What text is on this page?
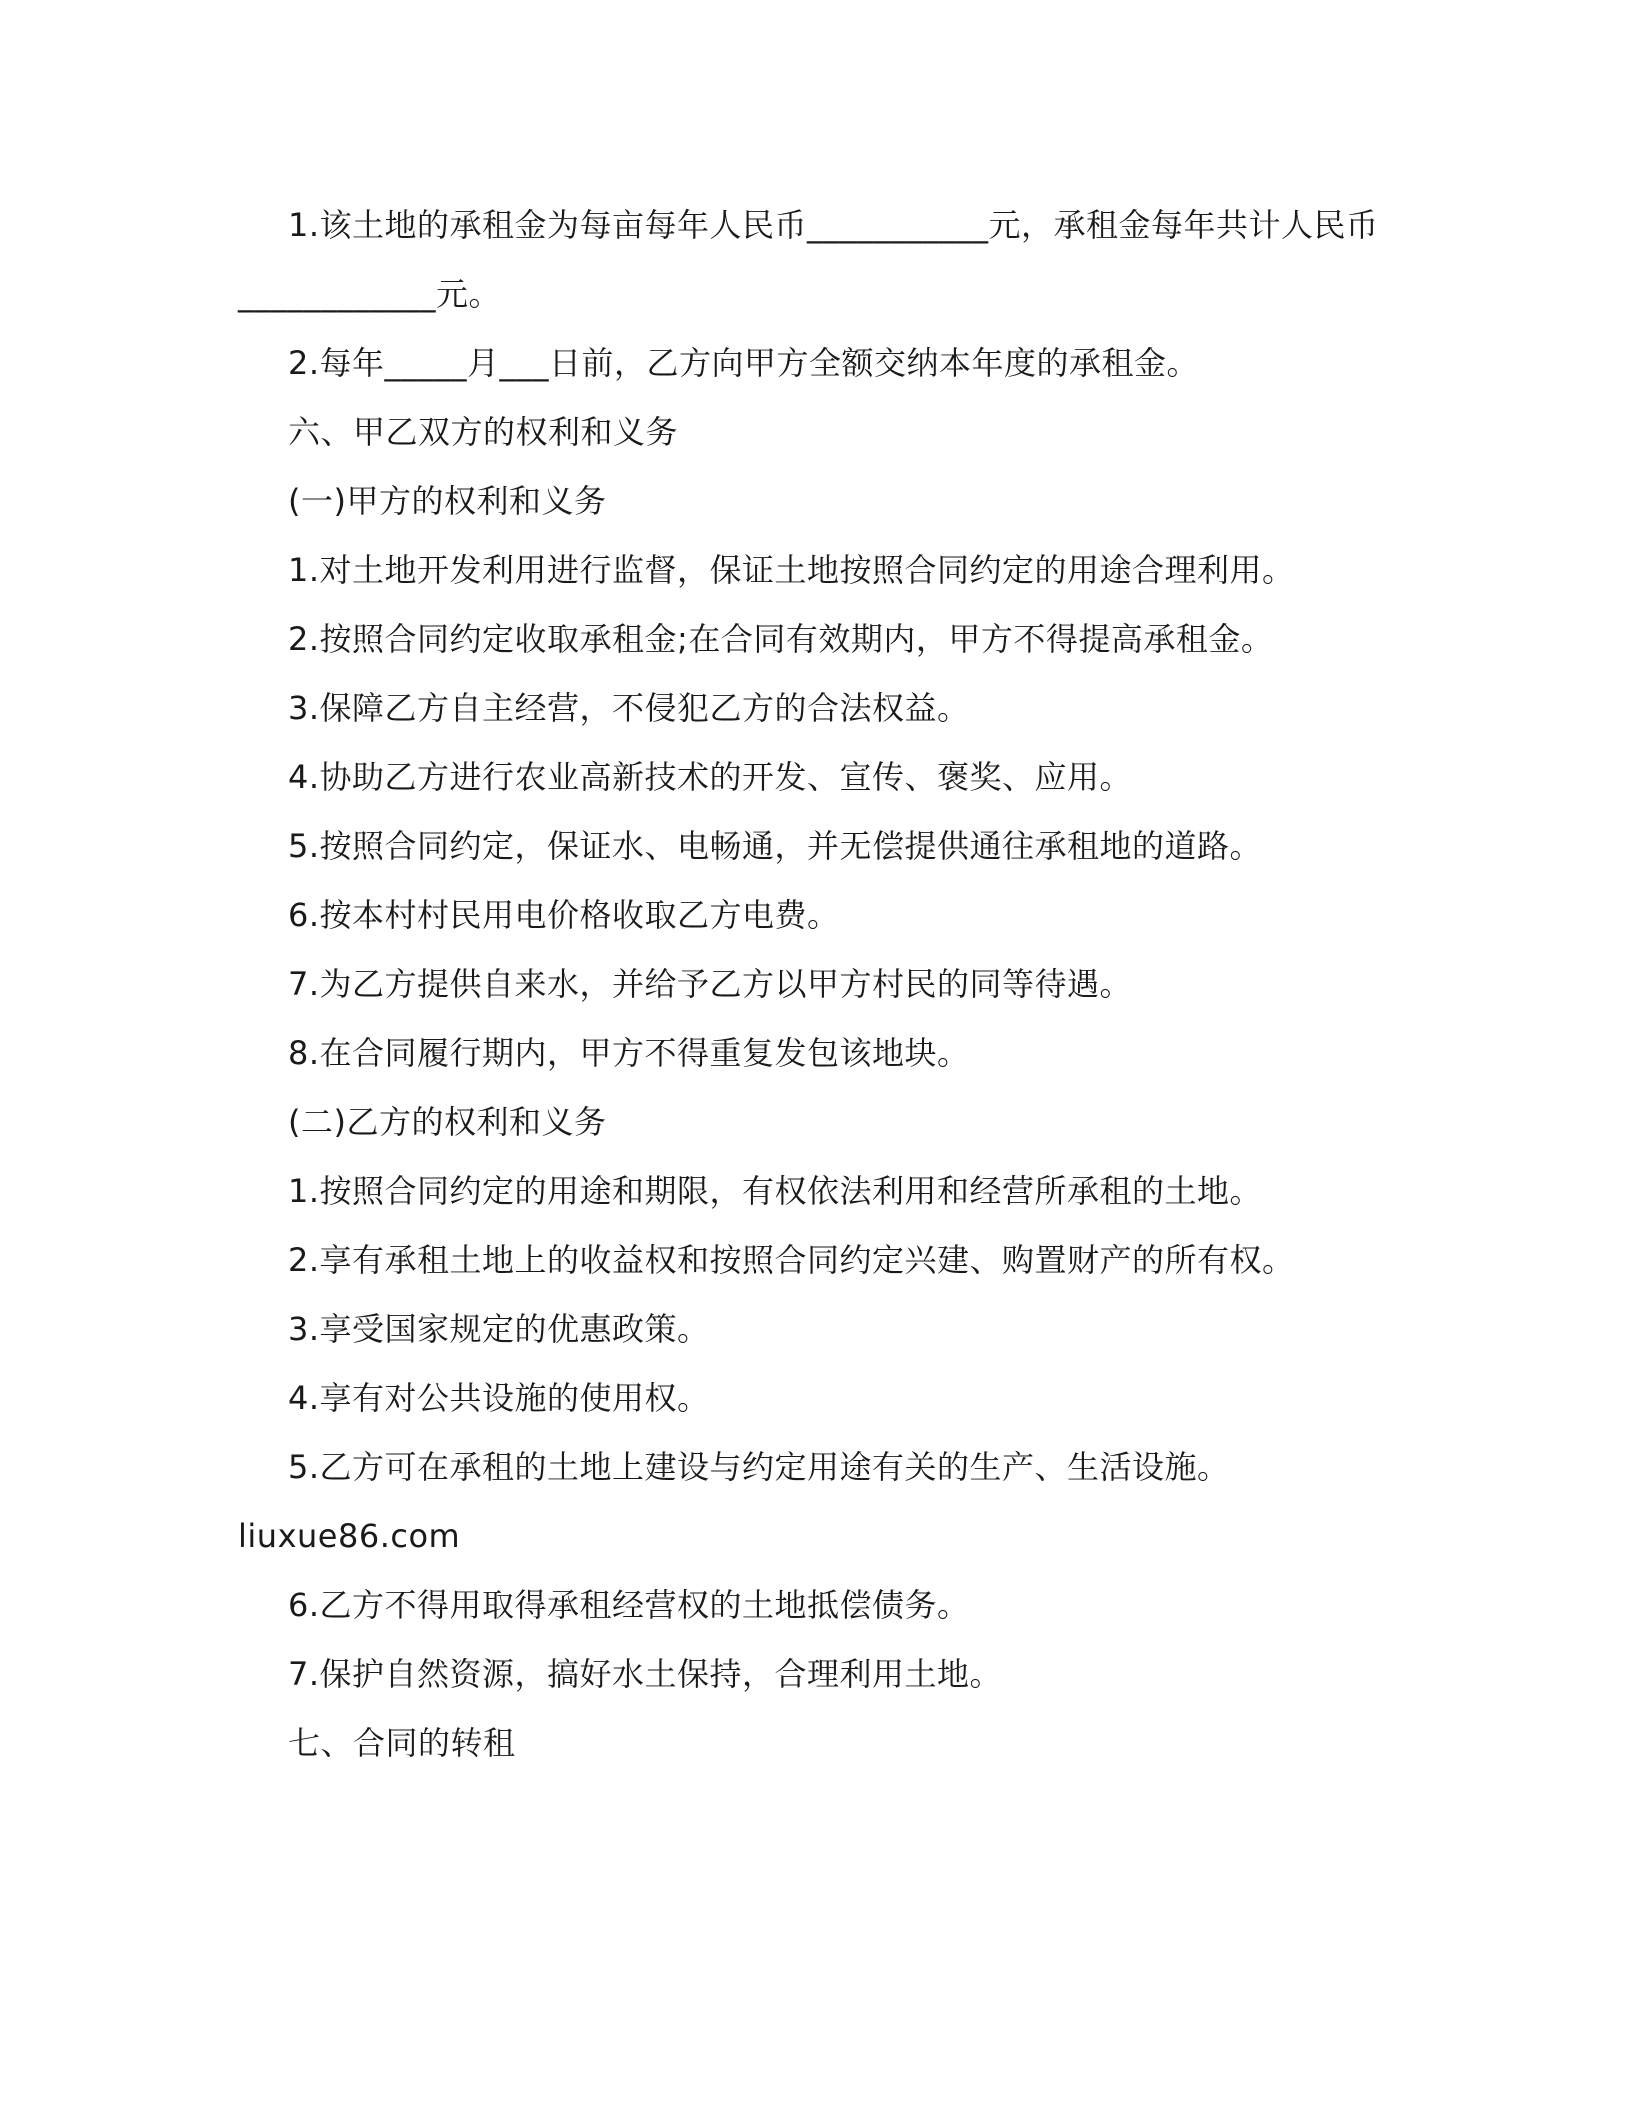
1.该土地的承租金为每亩每年人民币___________元，承租金每年共计人民币
____________元。
2.每年_____月___日前，乙方向甲方全额交纳本年度的承租金。
六、甲乙双方的权利和义务
(一)甲方的权利和义务
1.对土地开发利用进行监督，保证土地按照合同约定的用途合理利用。
2.按照合同约定收取承租金;在合同有效期内，甲方不得提高承租金。
3.保障乙方自主经营，不侵犯乙方的合法权益。
4.协助乙方进行农业高新技术的开发、宣传、褒奖、应用。
5.按照合同约定，保证水、电畅通，并无偿提供通往承租地的道路。
6.按本村村民用电价格收取乙方电费。
7.为乙方提供自来水，并给予乙方以甲方村民的同等待遇。
8.在合同履行期内，甲方不得重复发包该地块。
(二)乙方的权利和义务
1.按照合同约定的用途和期限，有权依法利用和经营所承租的土地。
2.享有承租土地上的收益权和按照合同约定兴建、购置财产的所有权。
3.享受国家规定的优惠政策。
4.享有对公共设施的使用权。
5.乙方可在承租的土地上建设与约定用途有关的生产、生活设施。
liuxue86.com
6.乙方不得用取得承租经营权的土地抵偿债务。
7.保护自然资源，搞好水土保持，合理利用土地。
七、合同的转租
